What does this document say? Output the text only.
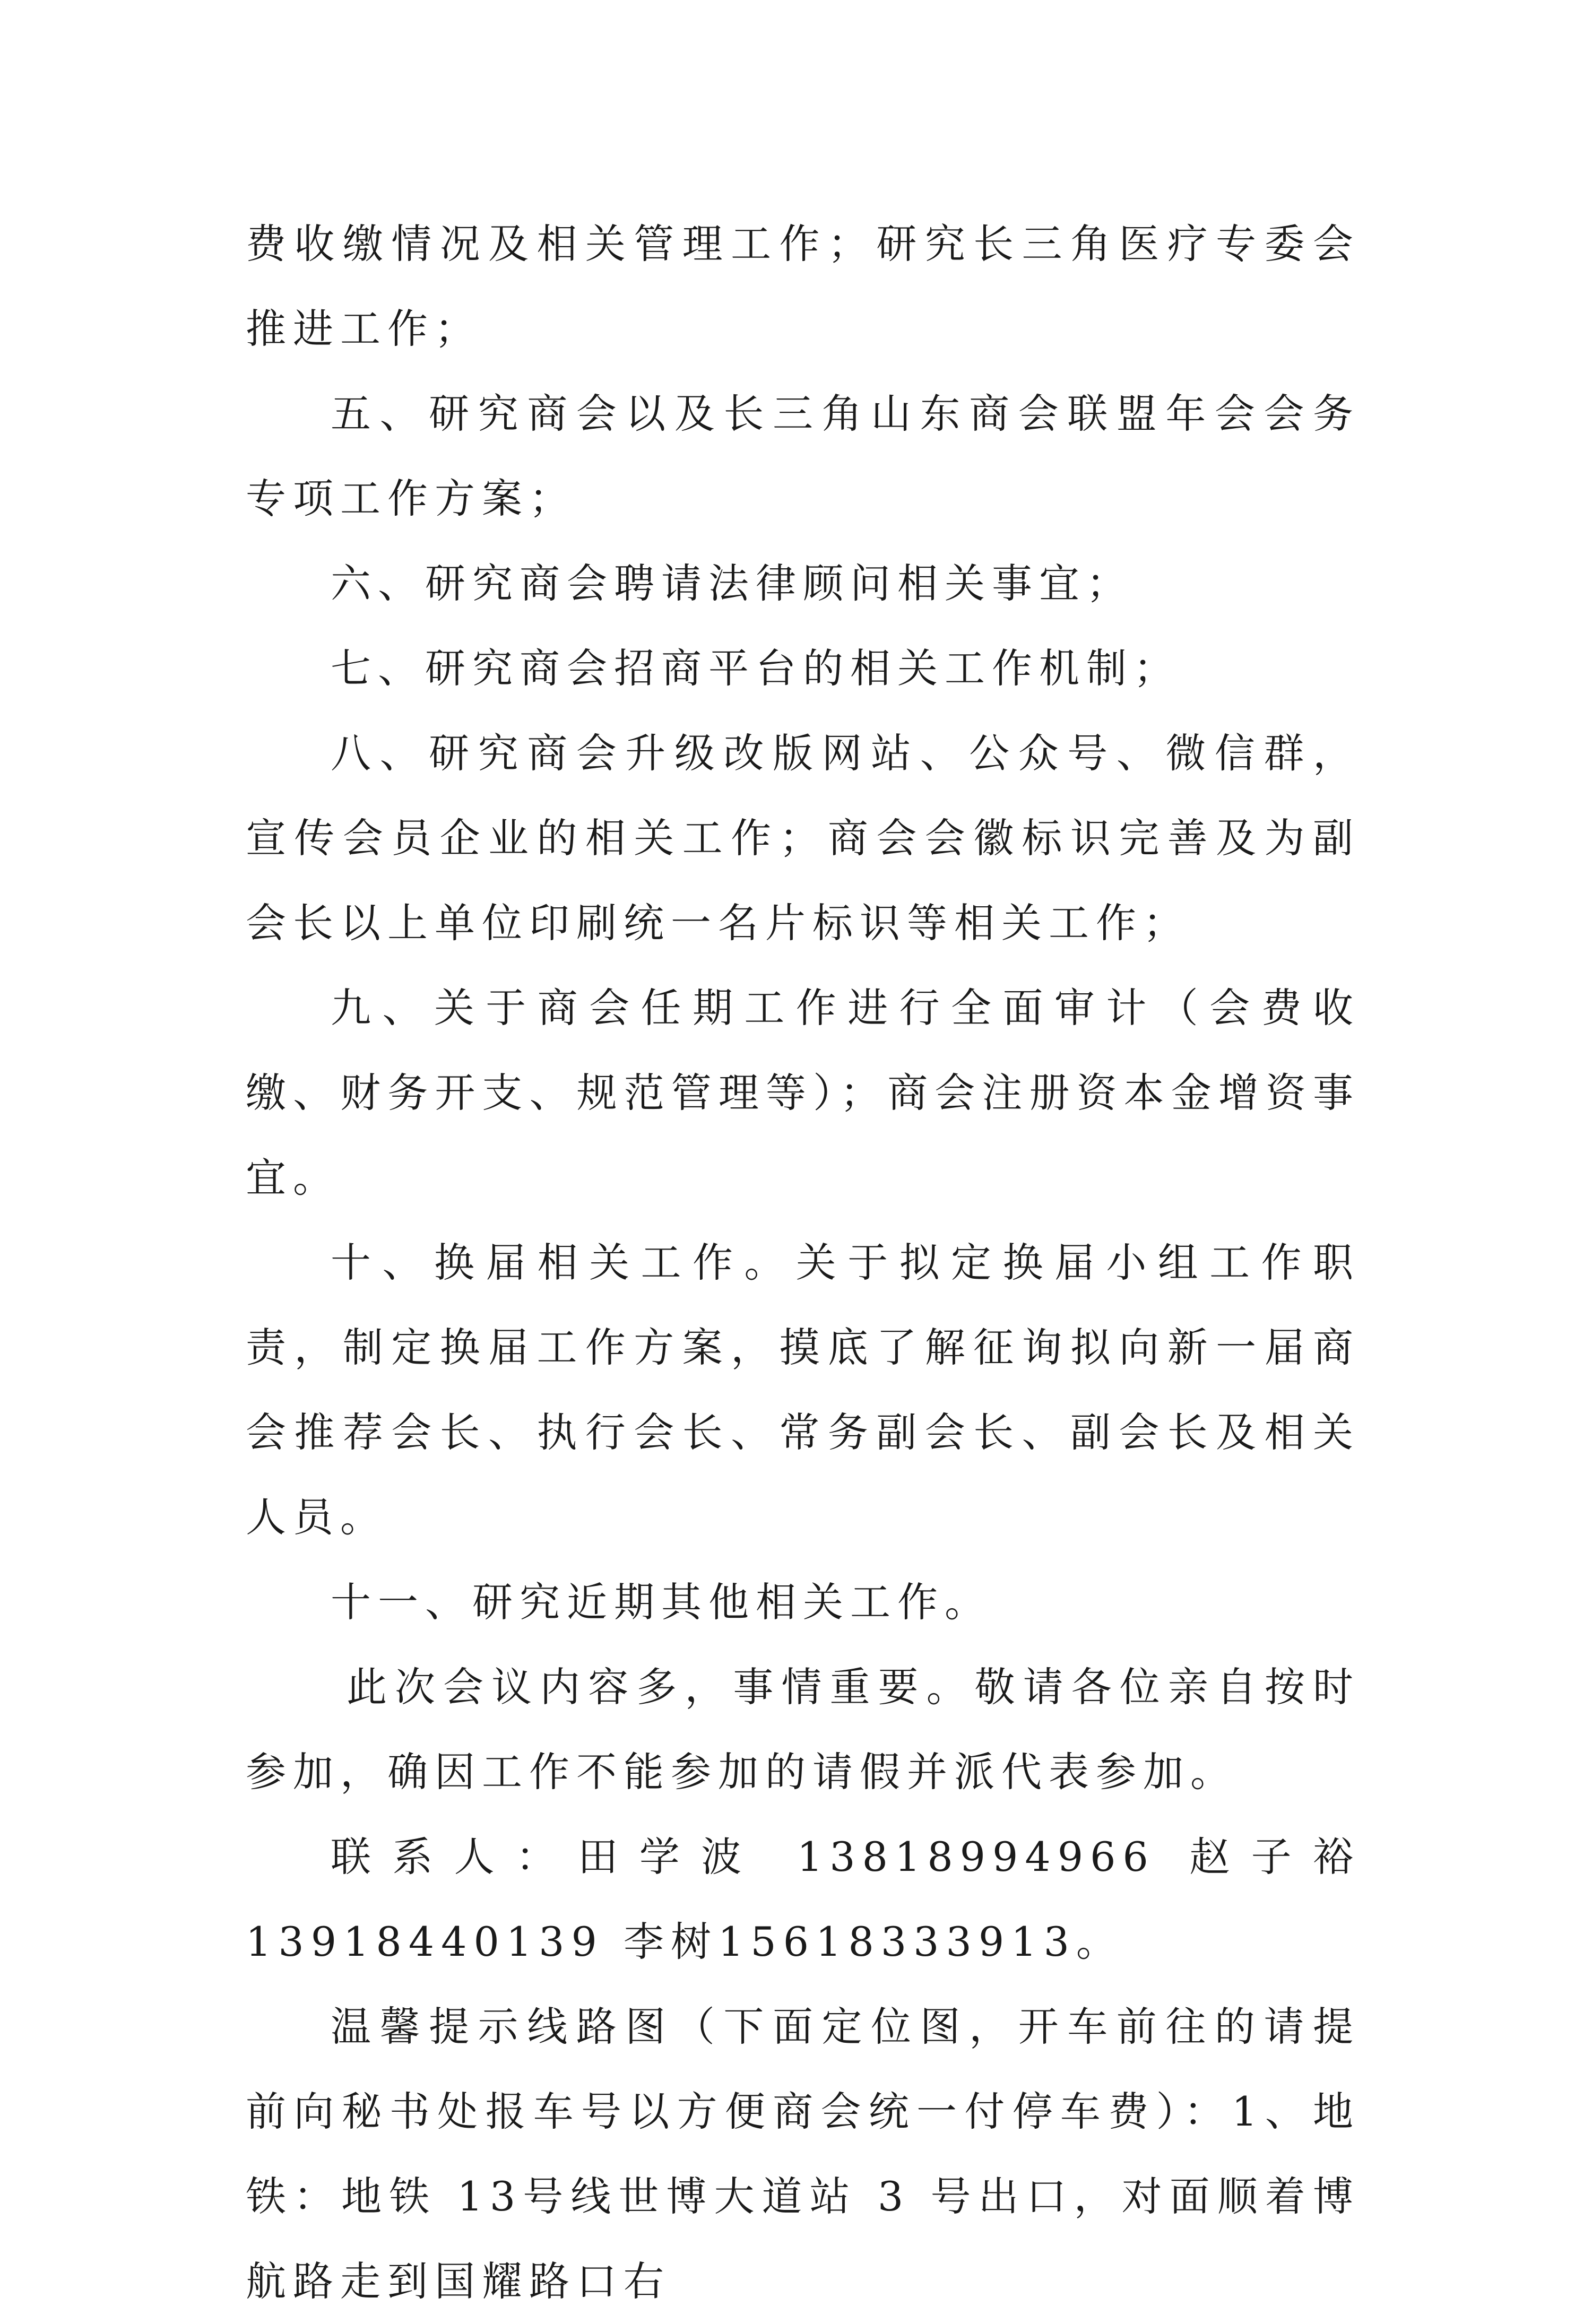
费收缴情况及相关管理工作；研究长三角医疗专委会推进工作；

五、研究商会以及长三角山东商会联盟年会会务专项工作方案；

六、研究商会聘请法律顾问相关事宜；

七、研究商会招商平台的相关工作机制；

八、研究商会升级改版网站、公众号、微信群，宣传会员企业的相关工作；商会会徽标识完善及为副会长以上单位印刷统一名片标识等相关工作；

九、关于商会任期工作进行全面审计（会费收缴、财务开支、规范管理等）；商会注册资本金增资事宜。

十、换届相关工作。关于拟定换届小组工作职责，制定换届工作方案，摸底了解征询拟向新一届商会推荐会长、执行会长、常务副会长、副会长及相关人员。

十一、研究近期其他相关工作。

此次会议内容多，事情重要。敬请各位亲自按时参加，确因工作不能参加的请假并派代表参加。

联系人：田学波 13818994966 赵子裕 13918440139 李树15618333913。

温馨提示线路图（下面定位图，开车前往的请提前向秘书处报车号以方便商会统一付停车费）：1、地铁：地铁 13号线世博大道站 3 号出口，对面顺着博航路走到国耀路口右
